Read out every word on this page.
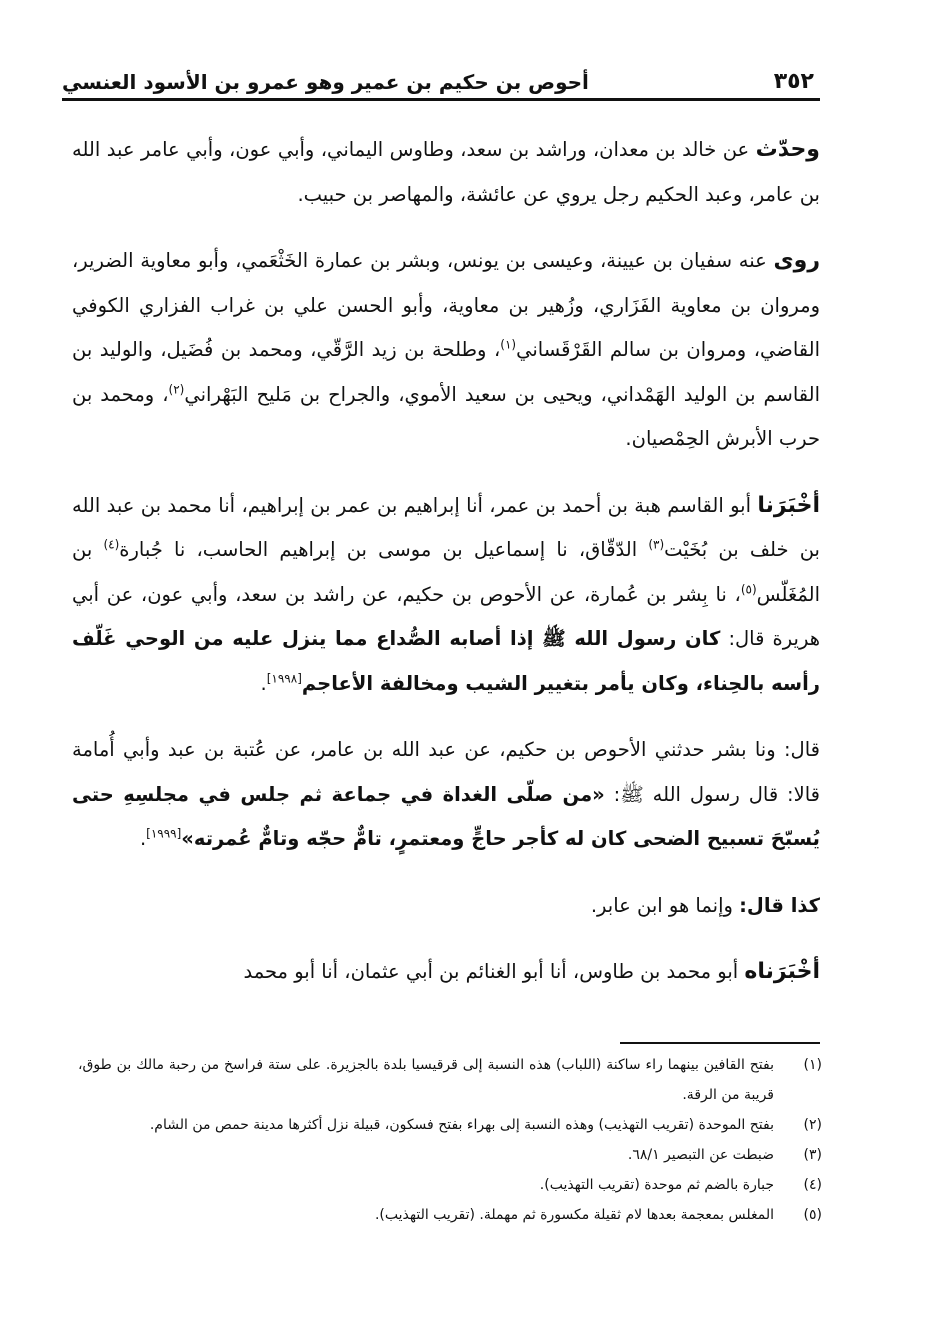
أحوص بن حكيم بن عمير وهو عمرو بن الأسود العنسي	٣٥٢

وحدّث عن خالد بن معدان، وراشد بن سعد، وطاوس اليماني، وأبي عون، وأبي عامر عبد الله بن عامر، وعبد الحكيم رجل يروي عن عائشة، والمهاصر بن حبيب.

روى عنه سفيان بن عيينة، وعيسى بن يونس، وبشر بن عمارة الخَثْعَمي، وأبو معاوية الضرير، ومروان بن معاوية الفَزَاري، وزُهير بن معاوية، وأبو الحسن علي بن غراب الفزاري الكوفي القاضي، ومروان بن سالم القَرْقَساني$^{(١)}$، وطلحة بن زيد الرَّقّي، ومحمد بن فُضَيل، والوليد بن القاسم بن الوليد الهَمْداني، ويحيى بن سعيد الأموي، والجراح بن مَليح البَهْراني$^{(٢)}$، ومحمد بن حرب الأبرش الحِمْصيان.

أخْبَرَنا أبو القاسم هبة بن أحمد بن عمر، أنا إبراهيم بن عمر بن إبراهيم، أنا محمد بن عبد الله بن خلف بن بُخَيْت$^{(٣)}$ الدّقّاق، نا إسماعيل بن موسى بن إبراهيم الحاسب، نا جُبارة$^{(٤)}$ بن المُغَلّس$^{(٥)}$، نا بِشر بن عُمارة، عن الأحوص بن حكيم، عن راشد بن سعد، وأبي عون، عن أبي هريرة قال: كان رسول الله ﷺ إذا أصابه الصُّداع مما ينزل عليه من الوحي غَلّف رأسه بالحِناء، وكان يأمر بتغيير الشيب ومخالفة الأعاجم[١٩٩٨].

قال: ونا بشر حدثني الأحوص بن حكيم، عن عبد الله بن عامر، عن عُتبة بن عبد وأبي أُمامة قالا: قال رسول الله ﷺ: «من صلّى الغداة في جماعة ثم جلس في مجلسِهِ حتى يُسبّحَ تسبيح الضحى كان له كأجر حاجٍّ ومعتمرٍ، تامٌّ حجّه وتامٌّ عُمرته»[١٩٩٩].

كذا قال: وإنما هو ابن عابر.

أخْبَرَناه أبو محمد بن طاوس، أنا أبو الغنائم بن أبي عثمان، أنا أبو محمد

(١)
بفتح القافين بينهما راء ساكنة (اللباب) هذه النسبة إلى قرقيسيا بلدة بالجزيرة. على ستة فراسخ من رحبة مالك بن طوق، قريبة من الرقة.
(٢)
بفتح الموحدة (تقريب التهذيب) وهذه النسبة إلى بهراء بفتح فسكون، قبيلة نزل أكثرها مدينة حمص من الشام.
(٣)
ضبطت عن التبصير ٦٨/١.
(٤)
جبارة بالضم ثم موحدة (تقريب التهذيب).
(٥)
المغلس بمعجمة بعدها لام ثقيلة مكسورة ثم مهملة. (تقريب التهذيب).
